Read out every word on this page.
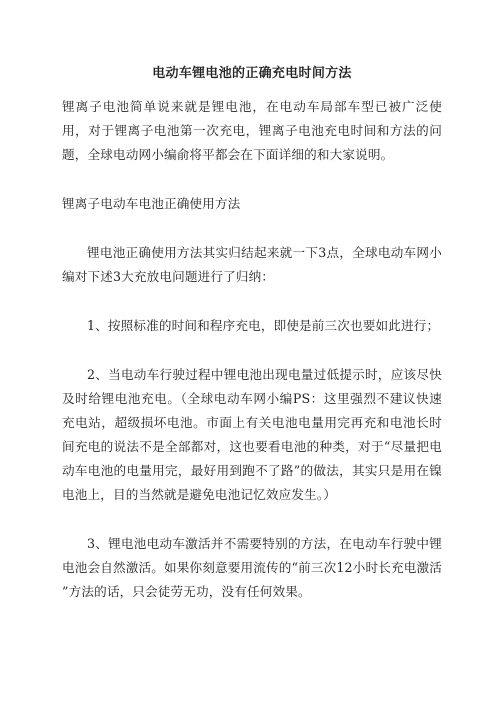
电动车锂电池的正确充电时间方法

锂离子电池简单说来就是锂电池，在电动车局部车型已被广泛使用，对于锂离子电池第一次充电，锂离子电池充电时间和方法的问题，全球电动网小编俞将平都会在下面详细的和大家说明。

锂离子电动车电池正确使用方法

锂电池正确使用方法其实归结起来就一下3点，全球电动车网小编对下述3大充放电问题进行了归纳：

1、按照标准的时间和程序充电，即使是前三次也要如此进行；

2、当电动车行驶过程中锂电池出现电量过低提示时，应该尽快及时给锂电池充电。（全球电动车网小编PS：这里强烈不建议快速充电站，超级损坏电池。市面上有关电池电量用完再充和电池长时间充电的说法不是全部都对，这也要看电池的种类，对于“尽量把电动车电池的电量用完，最好用到跑不了路”的做法，其实只是用在镍电池上，目的当然就是避免电池记忆效应发生。）

3、锂电池电动车激活并不需要特别的方法，在电动车行驶中锂电池会自然激活。如果你刻意要用流传的“前三次12小时长充电激活 ”方法的话，只会徒劳无功，没有任何效果。
